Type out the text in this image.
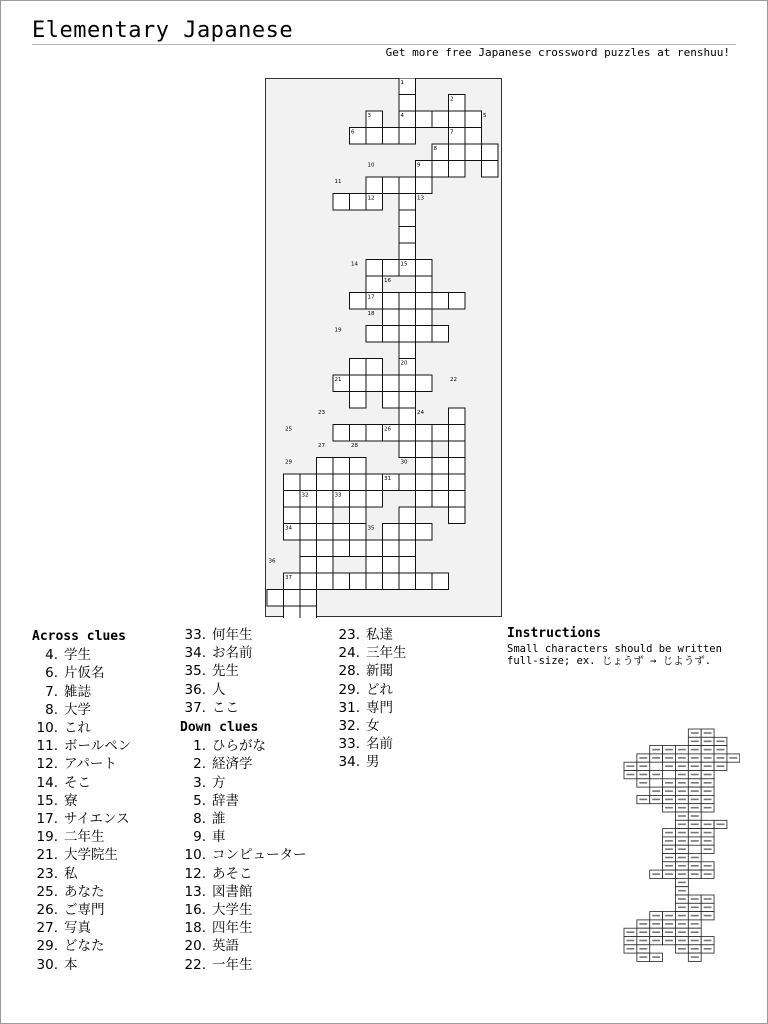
Elementary Japanese
Get more free Japanese crossword puzzles at renshuu!
1
2
3	4	5
6	7
8
9
10
11
12	13
14	15
16
17
18
19
20
21	22
23	24
25	26
27	28
29	30
31
32	33
34	35
36
37
Across clues
4. 学生
6. 片仮名
7. 雑誌
8. 大学
10. これ
11. ボールペン
12. アパート
14. そこ
15. 寮
17. サイエンス
19. 二年生
21. 大学院生
23. 私
25. あなた
26. ご専門
27. 写真
29. どなた
30. 本
33. 何年生
34. お名前
35. 先生
36. 人
37. ここ
Down clues
1. ひらがな
2. 経済学
3. 方
5. 辞書
8. 誰
9. 車
10. コンピューター
12. あそこ
13. 図書館
16. 大学生
18. 四年生
20. 英語
22. 一年生
23. 私達
24. 三年生
28. 新聞
29. どれ
31. 専門
32. 女
33. 名前
34. 男
Instructions
Small characters should be written full-size; ex. じょうず → じようず.
